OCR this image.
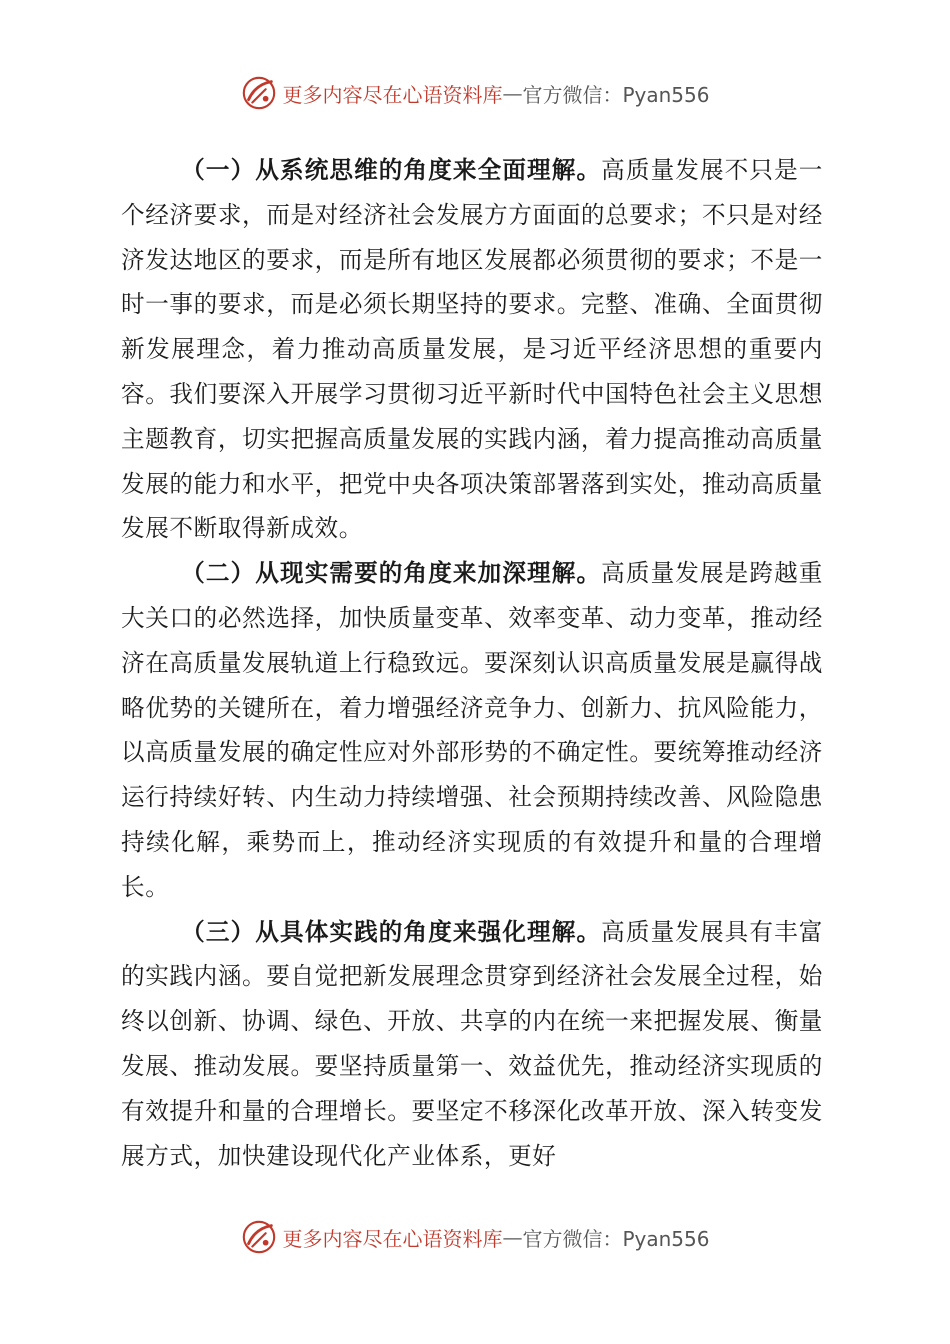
更多内容尽在心语资料库 — 官方微信：Pyan556

（一）从系统思维的角度来全面理解。高质量发展不只是一个经济要求，而是对经济社会发展方方面面的总要求；不只是对经济发达地区的要求，而是所有地区发展都必须贯彻的要求；不是一时一事的要求，而是必须长期坚持的要求。完整、准确、全面贯彻新发展理念，着力推动高质量发展，是习近平经济思想的重要内容。我们要深入开展学习贯彻习近平新时代中国特色社会主义思想主题教育，切实把握高质量发展的实践内涵，着力提高推动高质量发展的能力和水平，把党中央各项决策部署落到实处，推动高质量发展不断取得新成效。

（二）从现实需要的角度来加深理解。高质量发展是跨越重大关口的必然选择，加快质量变革、效率变革、动力变革，推动经济在高质量发展轨道上行稳致远。要深刻认识高质量发展是赢得战略优势的关键所在，着力增强经济竞争力、创新力、抗风险能力，以高质量发展的确定性应对外部形势的不确定性。要统筹推动经济运行持续好转、内生动力持续增强、社会预期持续改善、风险隐患持续化解，乘势而上，推动经济实现质的有效提升和量的合理增长。

（三）从具体实践的角度来强化理解。高质量发展具有丰富的实践内涵。要自觉把新发展理念贯穿到经济社会发展全过程，始终以创新、协调、绿色、开放、共享的内在统一来把握发展、衡量发展、推动发展。要坚持质量第一、效益优先，推动经济实现质的有效提升和量的合理增长。要坚定不移深化改革开放、深入转变发展方式，加快建设现代化产业体系，更好

更多内容尽在心语资料库 — 官方微信：Pyan556
